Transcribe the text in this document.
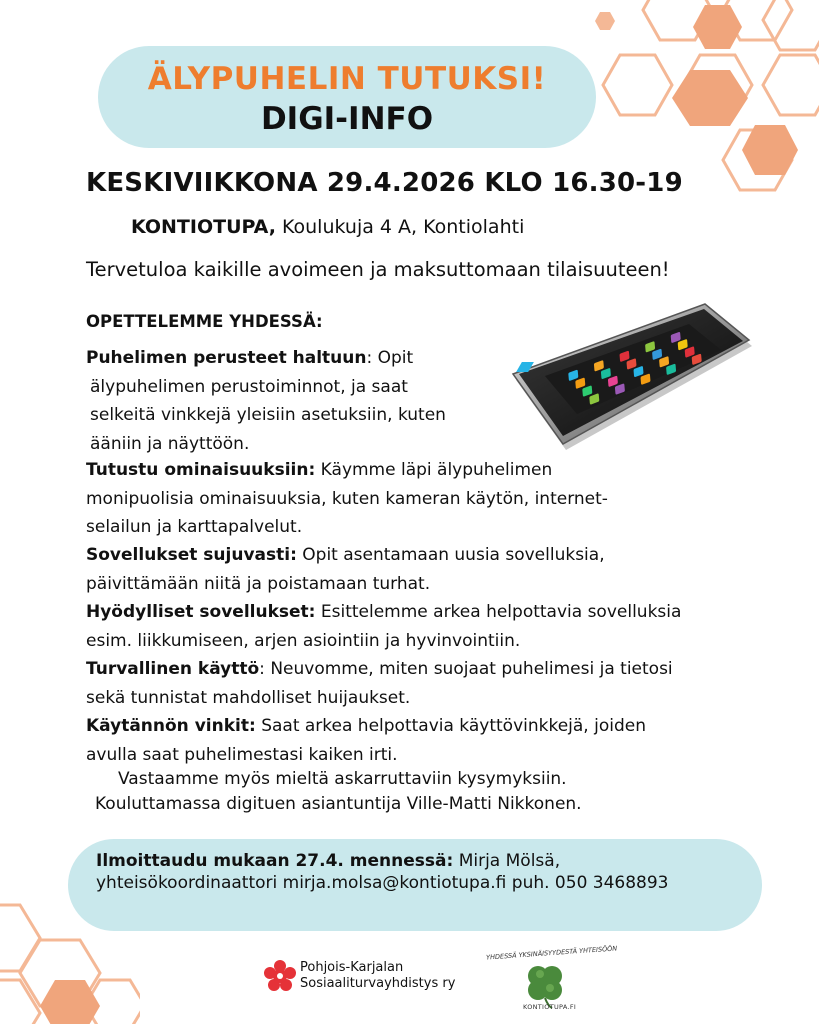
ÄLYPUHELIN TUTUKSI!
DIGI-INFO
KESKIVIIKKONA 29.4.2026 KLO 16.30-19
KONTIOTUPA, Koulukuja 4 A, Kontiolahti
Tervetuloa kaikille avoimeen ja maksuttomaan tilaisuuteen!
OPETTELEMME YHDESSÄ:
Puhelimen perusteet haltuun: Opit
älypuhelimen perustoiminnot, ja saat
selkeitä vinkkejä yleisiin asetuksiin, kuten
ääniin ja näyttöön.
Tutustu ominaisuuksiin: Käymme läpi älypuhelimen monipuolisia ominaisuuksia, kuten kameran käytön, internet-selailun ja karttapalvelut.
Sovellukset sujuvasti: Opit asentamaan uusia sovelluksia, päivittämään niitä ja poistamaan turhat.
Hyödylliset sovellukset: Esittelemme arkea helpottavia sovelluksia esim. liikkumiseen, arjen asiointiin ja hyvinvointiin.
Turvallinen käyttö: Neuvomme, miten suojaat puhelimesi ja tietosi sekä tunnistat mahdolliset huijaukset.
Käytännön vinkit: Saat arkea helpottavia käyttövinkkejä, joiden avulla saat puhelimestasi kaiken irti.
Vastaamme myös mieltä askarruttaviin kysymyksiin.
Kouluttamassa digituen asiantuntija Ville-Matti Nikkonen.
Ilmoittaudu mukaan 27.4. mennessä: Mirja Mölsä, yhteisökoordinaattori mirja.molsa@kontiotupa.fi puh. 050 3468893
Pohjois-Karjalan
Sosiaaliturvayhdistys ry
YHDESSÄ YKSINÄISYYDESTÄ YHTEISÖÖN
KONTIOTUPA.FI
